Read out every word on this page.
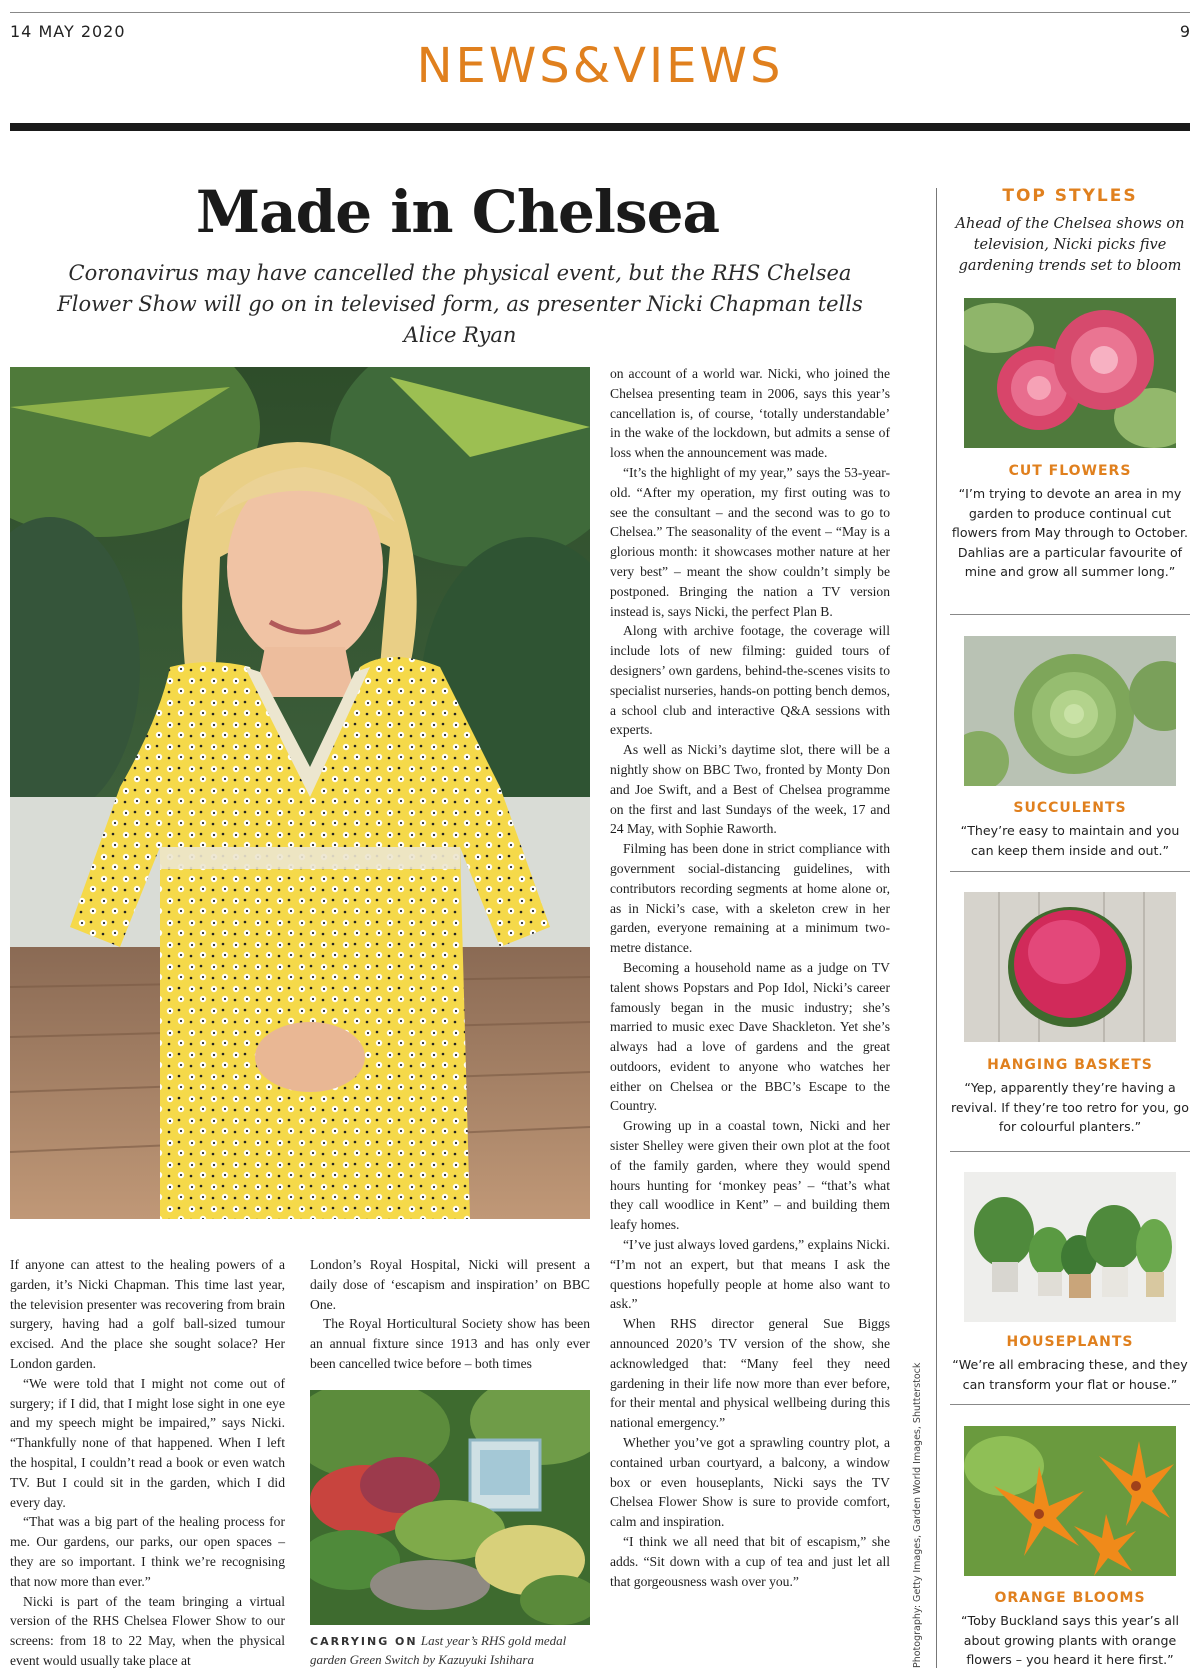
14 MAY 2020	9
NEWS&VIEWS
Made in Chelsea
Coronavirus may have cancelled the physical event, but the RHS Chelsea Flower Show will go on in televised form, as presenter Nicki Chapman tells Alice Ryan

If anyone can attest to the healing powers of a garden, it’s Nicki Chapman. This time last year, the television presenter was recovering from brain surgery, having had a golf ball-sized tumour excised. And the place she sought solace? Her London garden.

“We were told that I might not come out of surgery; if I did, that I might lose sight in one eye and my speech might be impaired,” says Nicki. “Thankfully none of that happened. When I left the hospital, I couldn’t read a book or even watch TV. But I could sit in the garden, which I did every day.

“That was a big part of the healing process for me. Our gardens, our parks, our open spaces – they are so important. I think we’re recognising that now more than ever.”

Nicki is part of the team bringing a virtual version of the RHS Chelsea Flower Show to our screens: from 18 to 22 May, when the physical event would usually take place at

London’s Royal Hospital, Nicki will present a daily dose of ‘escapism and inspiration’ on BBC One.

The Royal Horticultural Society show has been an annual fixture since 1913 and has only ever been cancelled twice before – both times

CARRYING ON Last year’s RHS gold medal garden Green Switch by Kazuyuki Ishihara

on account of a world war. Nicki, who joined the Chelsea presenting team in 2006, says this year’s cancellation is, of course, ‘totally understandable’ in the wake of the lockdown, but admits a sense of loss when the announcement was made.

“It’s the highlight of my year,” says the 53-year-old. “After my operation, my first outing was to see the consultant – and the second was to go to Chelsea.” The seasonality of the event – “May is a glorious month: it showcases mother nature at her very best” – meant the show couldn’t simply be postponed. Bringing the nation a TV version instead is, says Nicki, the perfect Plan B.

Along with archive footage, the coverage will include lots of new filming: guided tours of designers’ own gardens, behind-the-scenes visits to specialist nurseries, hands-on potting bench demos, a school club and interactive Q&A sessions with experts.

As well as Nicki’s daytime slot, there will be a nightly show on BBC Two, fronted by Monty Don and Joe Swift, and a Best of Chelsea programme on the first and last Sundays of the week, 17 and 24 May, with Sophie Raworth.

Filming has been done in strict compliance with government social-distancing guidelines, with contributors recording segments at home alone or, as in Nicki’s case, with a skeleton crew in her garden, everyone remaining at a minimum two-metre distance.

Becoming a household name as a judge on TV talent shows Popstars and Pop Idol, Nicki’s career famously began in the music industry; she’s married to music exec Dave Shackleton. Yet she’s always had a love of gardens and the great outdoors, evident to anyone who watches her either on Chelsea or the BBC’s Escape to the Country.

Growing up in a coastal town, Nicki and her sister Shelley were given their own plot at the foot of the family garden, where they would spend hours hunting for ‘monkey peas’ – “that’s what they call woodlice in Kent” – and building them leafy homes.

“I’ve just always loved gardens,” explains Nicki. “I’m not an expert, but that means I ask the questions hopefully people at home also want to ask.”

When RHS director general Sue Biggs announced 2020’s TV version of the show, she acknowledged that: “Many feel they need gardening in their life now more than ever before, for their mental and physical wellbeing during this national emergency.”

Whether you’ve got a sprawling country plot, a contained urban courtyard, a balcony, a window box or even houseplants, Nicki says the TV Chelsea Flower Show is sure to provide comfort, calm and inspiration.

“I think we all need that bit of escapism,” she adds. “Sit down with a cup of tea and just let all that gorgeousness wash over you.”	Photography: Getty Images, Garden World Images, Shutterstock
TOP STYLES
Ahead of the Chelsea shows on television, Nicki picks five gardening trends set to bloom
CUT FLOWERS
“I’m trying to devote an area in my garden to produce continual cut flowers from May through to October. Dahlias are a particular favourite of mine and grow all summer long.”
SUCCULENTS
“They’re easy to maintain and you can keep them inside and out.”
HANGING BASKETS
“Yep, apparently they’re having a revival. If they’re too retro for you, go for colourful planters.”
HOUSEPLANTS
“We’re all embracing these, and they can transform your flat or house.”
ORANGE BLOOMS
“Toby Buckland says this year’s all about growing plants with orange flowers – you heard it here first.”
